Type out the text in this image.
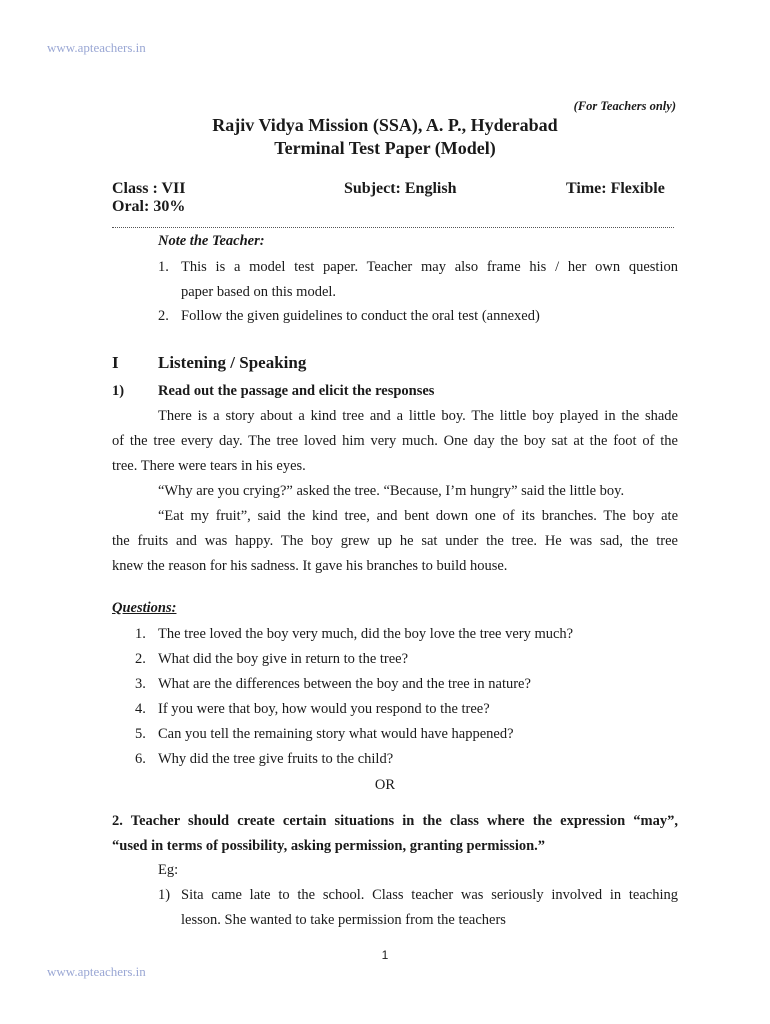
www.apteachers.in
(For Teachers only)
Rajiv Vidya Mission (SSA), A. P., Hyderabad
Terminal Test Paper (Model)
Class : VII	Subject: English	Time: Flexible
Oral: 30%
Note the Teacher:
1. This is a model test paper. Teacher may also frame his / her own question
paper based on this model.
2. Follow the given guidelines to conduct the oral test (annexed)
I Listening / Speaking
1) Read out the passage and elicit the responses
There is a story about a kind tree and a little boy. The little boy played in the shade
of the tree every day. The tree loved him very much. One day the boy sat at the foot of the
tree. There were tears in his eyes.
“Why are you crying?” asked the tree. “Because, I’m hungry” said the little boy.
“Eat my fruit”, said the kind tree, and bent down one of its branches. The boy ate
the fruits and was happy. The boy grew up he sat under the tree. He was sad, the tree
knew the reason for his sadness. It gave his branches to build house.
Questions:
1. The tree loved the boy very much, did the boy love the tree very much?
2. What did the boy give in return to the tree?
3. What are the differences between the boy and the tree in nature?
4. If you were that boy, how would you respond to the tree?
5. Can you tell the remaining story what would have happened?
6. Why did the tree give fruits to the child?
OR
2. Teacher should create certain situations in the class where the expression “may”,
“used in terms of possibility, asking permission, granting permission.”
Eg:
1) Sita came late to the school. Class teacher was seriously involved in teaching
lesson. She wanted to take permission from the teachers
1
www.apteachers.in
